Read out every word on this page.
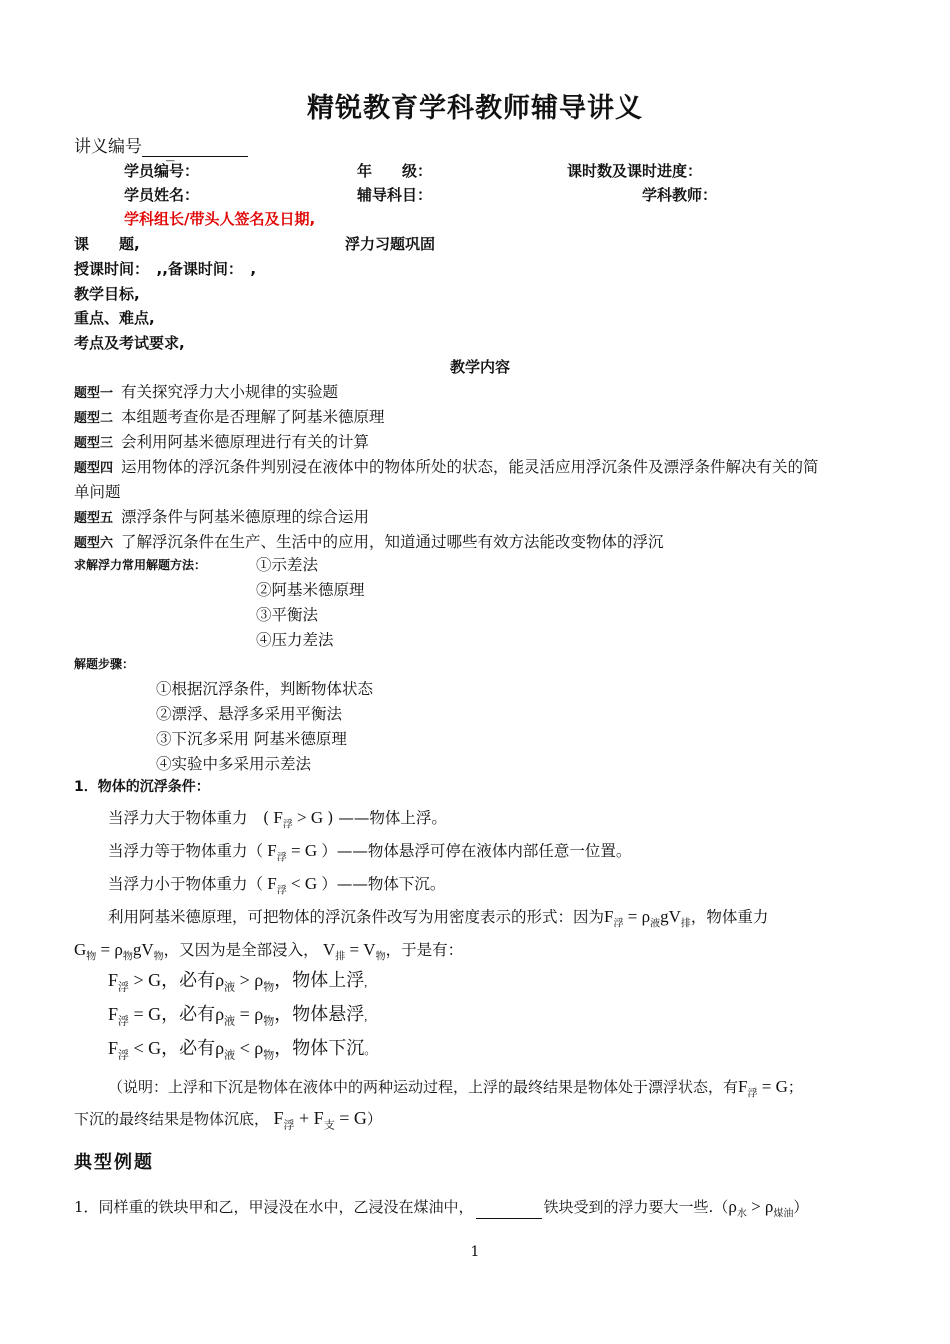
精锐教育学科教师辅导讲义
讲义编号 _
学员编号：	年　　级：	课时数及课时进度：
学员姓名：	辅导科目：	学科教师：
学科组长/带头人签名及日期,
课　　题,	浮力习题巩固
授课时间：　,,备课时间：　,
教学目标,
重点、难点,
考点及考试要求,
教学内容
题型一 有关探究浮力大小规律的实验题
题型二 本组题考查你是否理解了阿基米德原理
题型三 会利用阿基米德原理进行有关的计算
题型四 运用物体的浮沉条件判别浸在液体中的物体所处的状态，能灵活应用浮沉条件及漂浮条件解决有关的简
单问题
题型五 漂浮条件与阿基米德原理的综合运用
题型六 了解浮沉条件在生产、生活中的应用，知道通过哪些有效方法能改变物体的浮沉
求解浮力常用解题方法：	①示差法
②阿基米德原理
③平衡法
④压力差法
解题步骤：
①根据沉浮条件，判断物体状态
②漂浮、悬浮多采用平衡法
③下沉多采用 阿基米德原理
④实验中多采用示差法
1．物体的沉浮条件：
当浮力大于物体重力　( $F_浮 > G$ ) ——物体上浮。
当浮力等于物体重力（ $F_浮 = G$ ）——物体悬浮可停在液体内部任意一位置。
当浮力小于物体重力（ $F_浮 < G$ ）——物体下沉。
利用阿基米德原理，可把物体的浮沉条件改写为用密度表示的形式：因为$F_浮 = \rho_液gV_排$，物体重力
$G_物 = \rho_物gV_物$，又因为是全部浸入， $V_排 = V_物$，于是有：
$F_浮 > G$，必有$\rho_液 > \rho_物$，物体上浮,
$F_浮 = G$，必有$\rho_液 = \rho_物$，物体悬浮,
$F_浮 < G$，必有$\rho_液 < \rho_物$，物体下沉。
（说明：上浮和下沉是物体在液体中的两种运动过程，上浮的最终结果是物体处于漂浮状态，有$F_浮 = G$；
下沉的最终结果是物体沉底， $F_浮 + F_支 = G$）
典型例题
1．同样重的铁块甲和乙，甲浸没在水中，乙浸没在煤油中，	铁块受到的浮力要大一些$.(\rho_水 > \rho_{煤油})$
1
